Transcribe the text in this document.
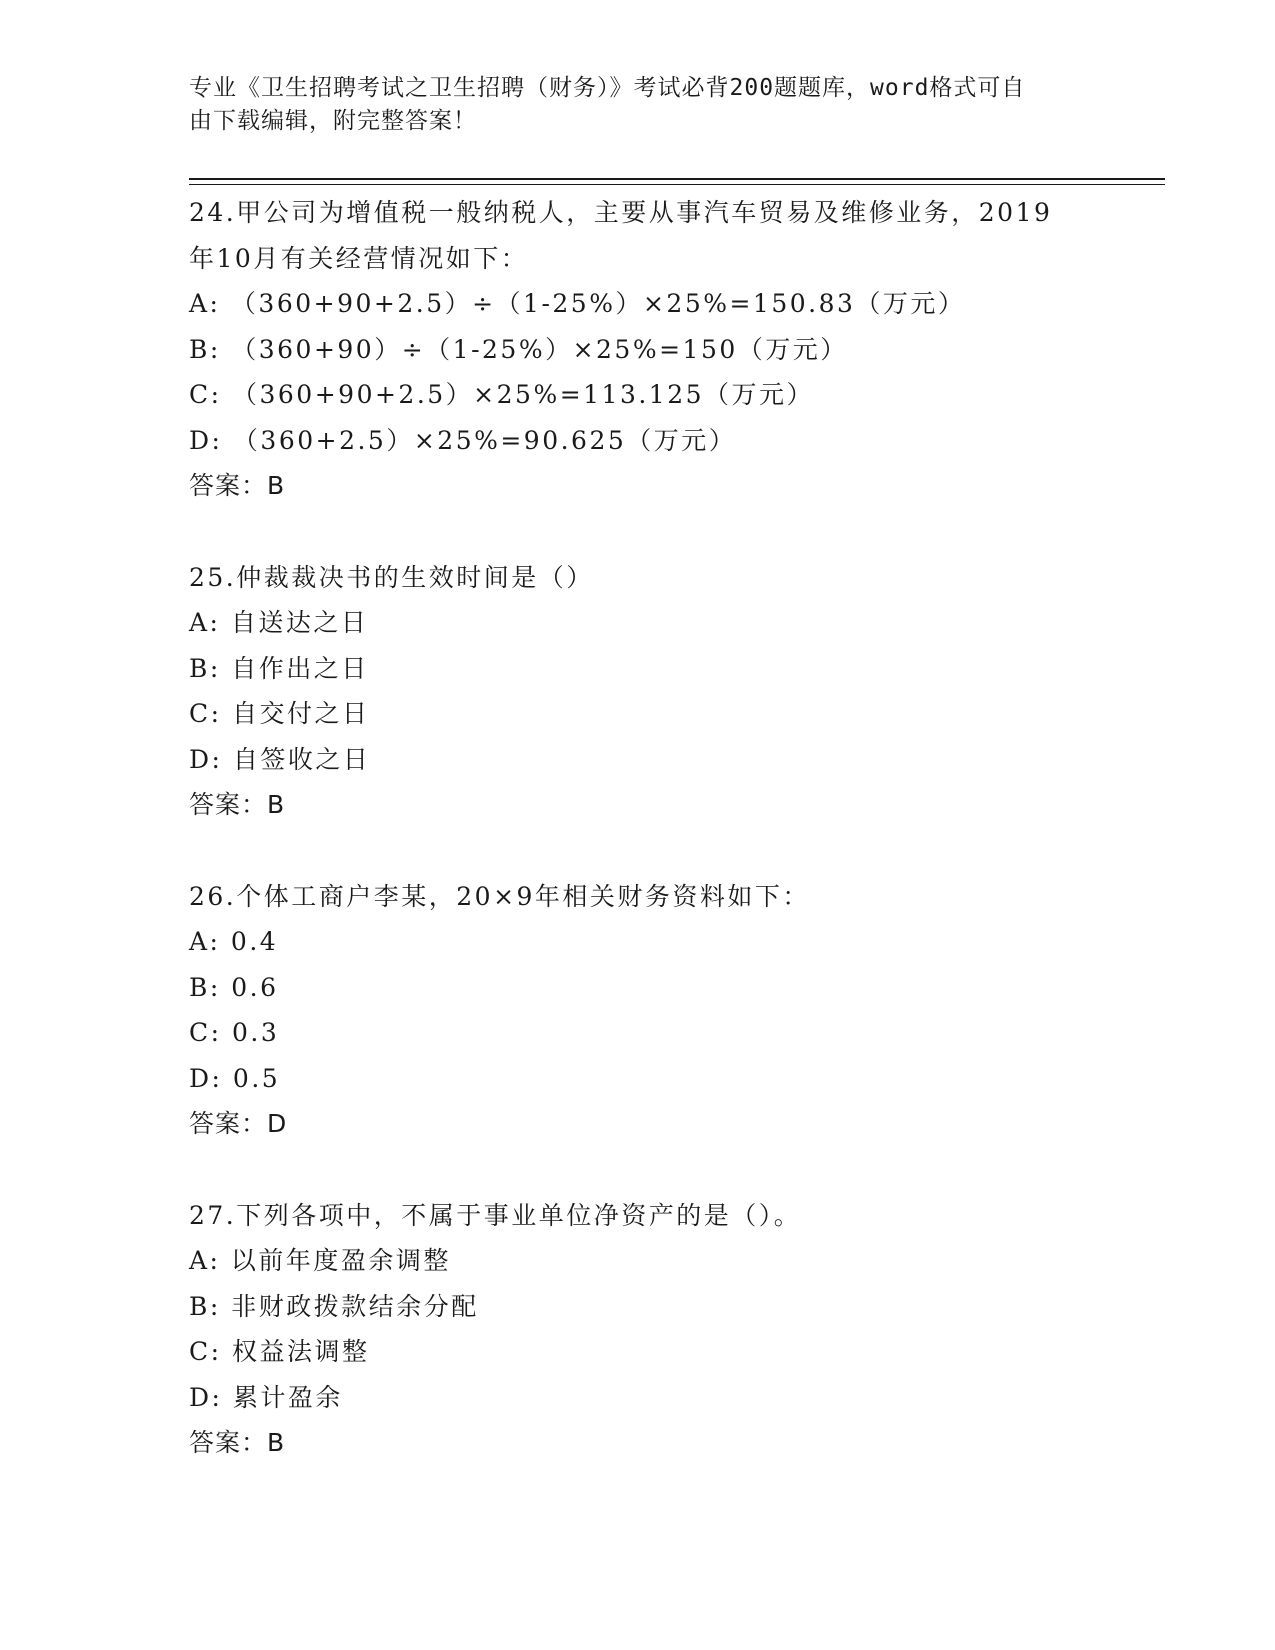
专业《卫生招聘考试之卫生招聘（财务）》考试必背200题题库，word格式可自
由下载编辑，附完整答案！
24.甲公司为增值税一般纳税人，主要从事汽车贸易及维修业务，2019
年10月有关经营情况如下：
A: （360+90+2.5）÷（1-25%）×25%=150.83（万元）
B: （360+90）÷（1-25%）×25%=150（万元）
C: （360+90+2.5）×25%=113.125（万元）
D: （360+2.5）×25%=90.625（万元）
答案：B
25.仲裁裁决书的生效时间是（）
A: 自送达之日
B: 自作出之日
C: 自交付之日
D: 自签收之日
答案：B
26.个体工商户李某，20×9年相关财务资料如下：
A: 0.4
B: 0.6
C: 0.3
D: 0.5
答案：D
27.下列各项中，不属于事业单位净资产的是（）。
A: 以前年度盈余调整
B: 非财政拨款结余分配
C: 权益法调整
D: 累计盈余
答案：B
